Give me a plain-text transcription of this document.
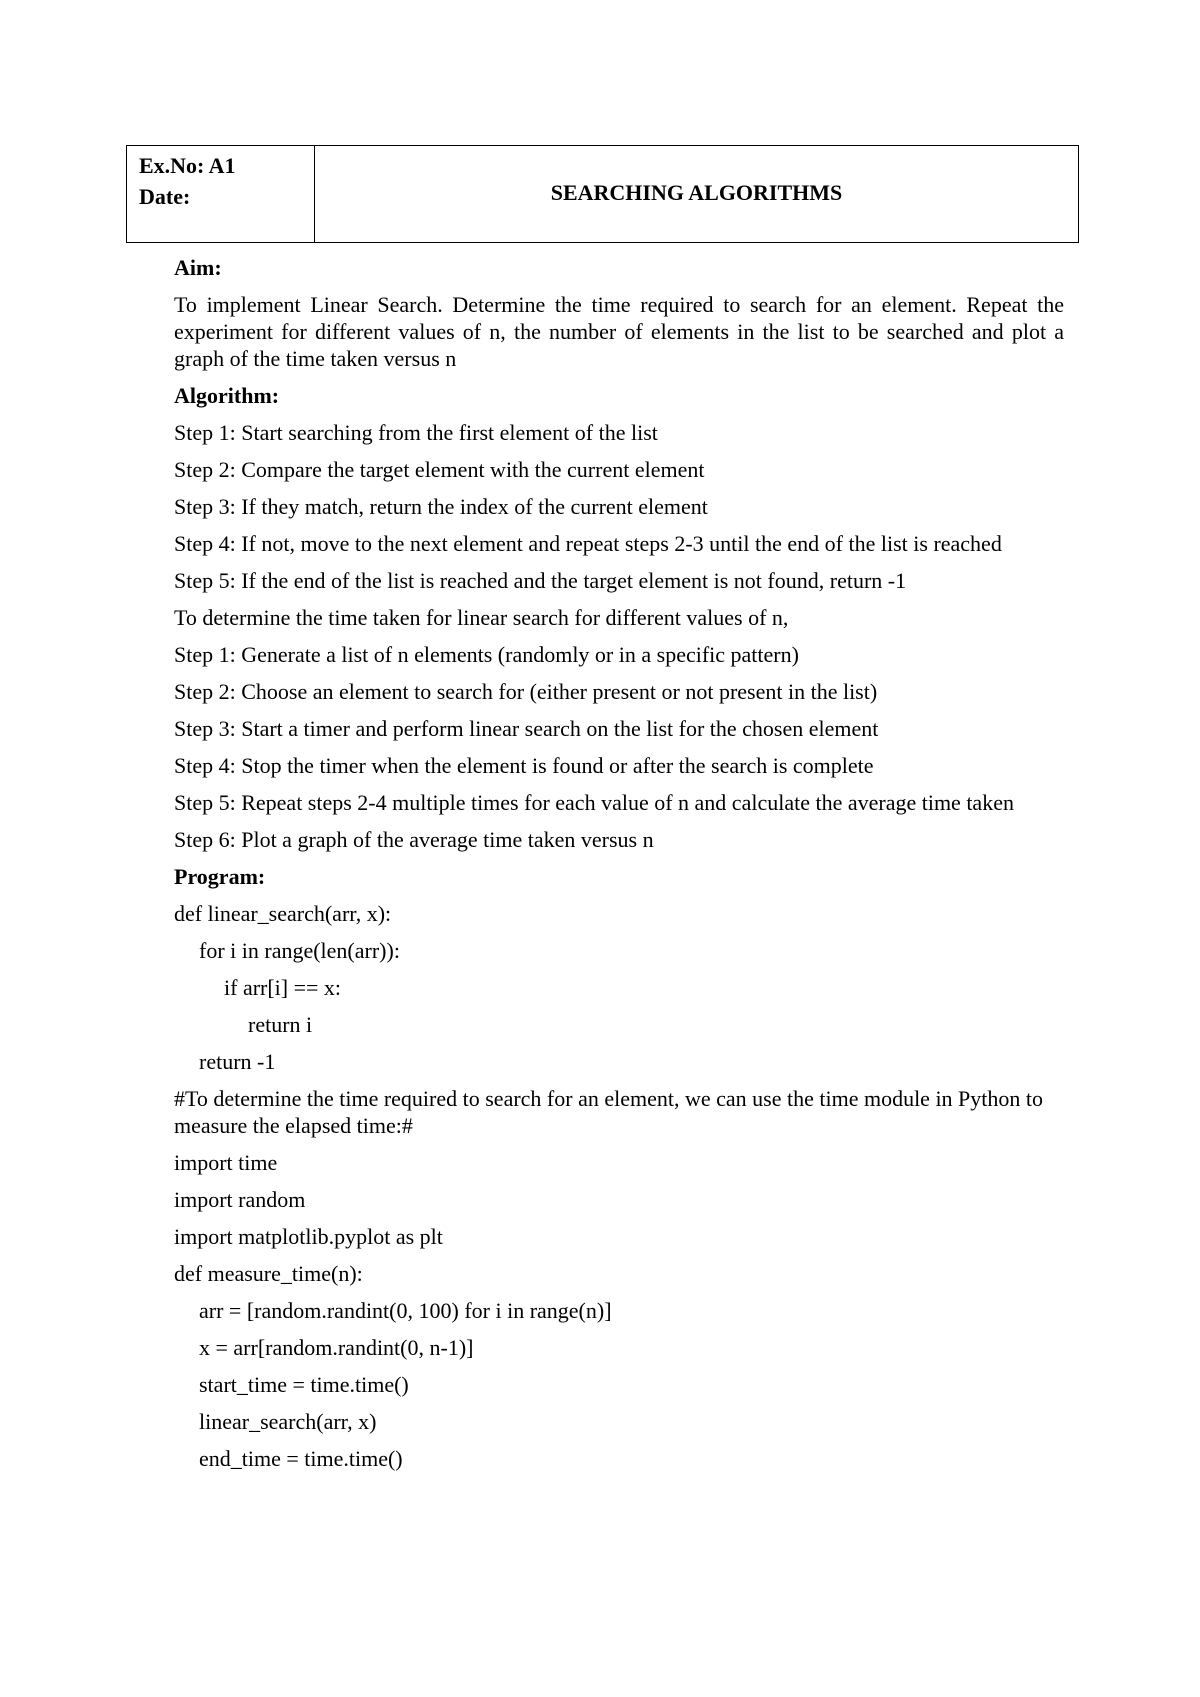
Ex.No: A1
Date:	SEARCHING ALGORITHMS
Aim:
To implement Linear Search. Determine the time required to search for an element. Repeat the experiment for different values of n, the number of elements in the list to be searched and plot a graph of the time taken versus n
Algorithm:
Step 1: Start searching from the first element of the list
Step 2: Compare the target element with the current element
Step 3: If they match, return the index of the current element
Step 4: If not, move to the next element and repeat steps 2-3 until the end of the list is reached
Step 5: If the end of the list is reached and the target element is not found, return -1
To determine the time taken for linear search for different values of n,
Step 1: Generate a list of n elements (randomly or in a specific pattern)
Step 2: Choose an element to search for (either present or not present in the list)
Step 3: Start a timer and perform linear search on the list for the chosen element
Step 4: Stop the timer when the element is found or after the search is complete
Step 5: Repeat steps 2-4 multiple times for each value of n and calculate the average time taken
Step 6: Plot a graph of the average time taken versus n
Program:
def linear_search(arr, x):
for i in range(len(arr)):
if arr[i] == x:
return i
return -1
#To determine the time required to search for an element, we can use the time module in Python to measure the elapsed time:#
import time
import random
import matplotlib.pyplot as plt
def measure_time(n):
arr = [random.randint(0, 100) for i in range(n)]
x = arr[random.randint(0, n-1)]
start_time = time.time()
linear_search(arr, x)
end_time = time.time()
